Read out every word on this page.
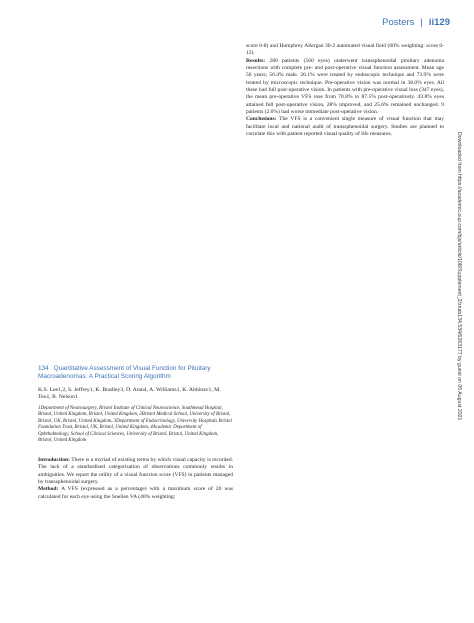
Posters | ii129

score 0-8) and Humphrey Allergan 30-2 automated visual field (60% weighting: score 0-12).

Results: 280 patients (560 eyes) underwent transsphenoidal pituitary adenoma resections with complete pre- and post-operative visual function assessment. Mean age 56 years; 56.4% male. 26.1% were treated by endoscopic technique and 73.9% were treated by microscopic technique. Pre-operative vision was normal in 38.0% eyes. All these had full post-operative vision. In patients with pre-operative visual loss (347 eyes), the mean pre-operative VFS rose from 70.8% to 87.5% post-operatively. 43.8% eyes attained full post-operative vision, 28% improved, and 25.6% remained unchanged. 9 patients (2.6%) had worse immediate post-operative vision.

Conclusions: The VFS is a convenient single measure of visual function that may facilitate local and national audit of transsphenoidal surgery. Studies are planned to correlate this with patient reported visual quality of life measures.

134 Quantitative Assessment of Visual Function for Pituitary Macroadenomas: A Practical Scoring Algorithm
K.S. Lee1,2, S. Jeffrey1, K. Bradley3, D. Atan4, A. Williams1, K. Abhinav1, M. Teo1, R. Nelson1
1Department of Neurosurgery, Bristol Institute of Clinical Neuroscience, Southmead Hospital, Bristol, United Kingdom, Bristol, United Kingdom, 2Bristol Medical School, University of Bristol, Bristol, UK, Bristol, United Kingdom, 3Department of Endocrinology, University Hospitals Bristol Foundation Trust, Bristol, UK, Bristol, United Kingdom, 4Academic Department of Ophthalmology, School of Clinical Sciences, University of Bristol, Bristol, United Kingdom, Bristol, United Kingdom

Introduction: There is a myriad of existing terms by which visual capacity is recorded. The lack of a standardised categorisation of observations commonly results in ambiguities. We report the utility of a visual function score (VFS) in patients managed by transsphenoidal surgery.

Method: A VFS (expressed as a percentage) with a maximum score of 20 was calculated for each eye using the Snellen VA (40% weighting:

Downloaded from https://academic.oup.com/bjs/article/108/Supplement_2/znab134.534/6263177 by guest on 05 August 2021
